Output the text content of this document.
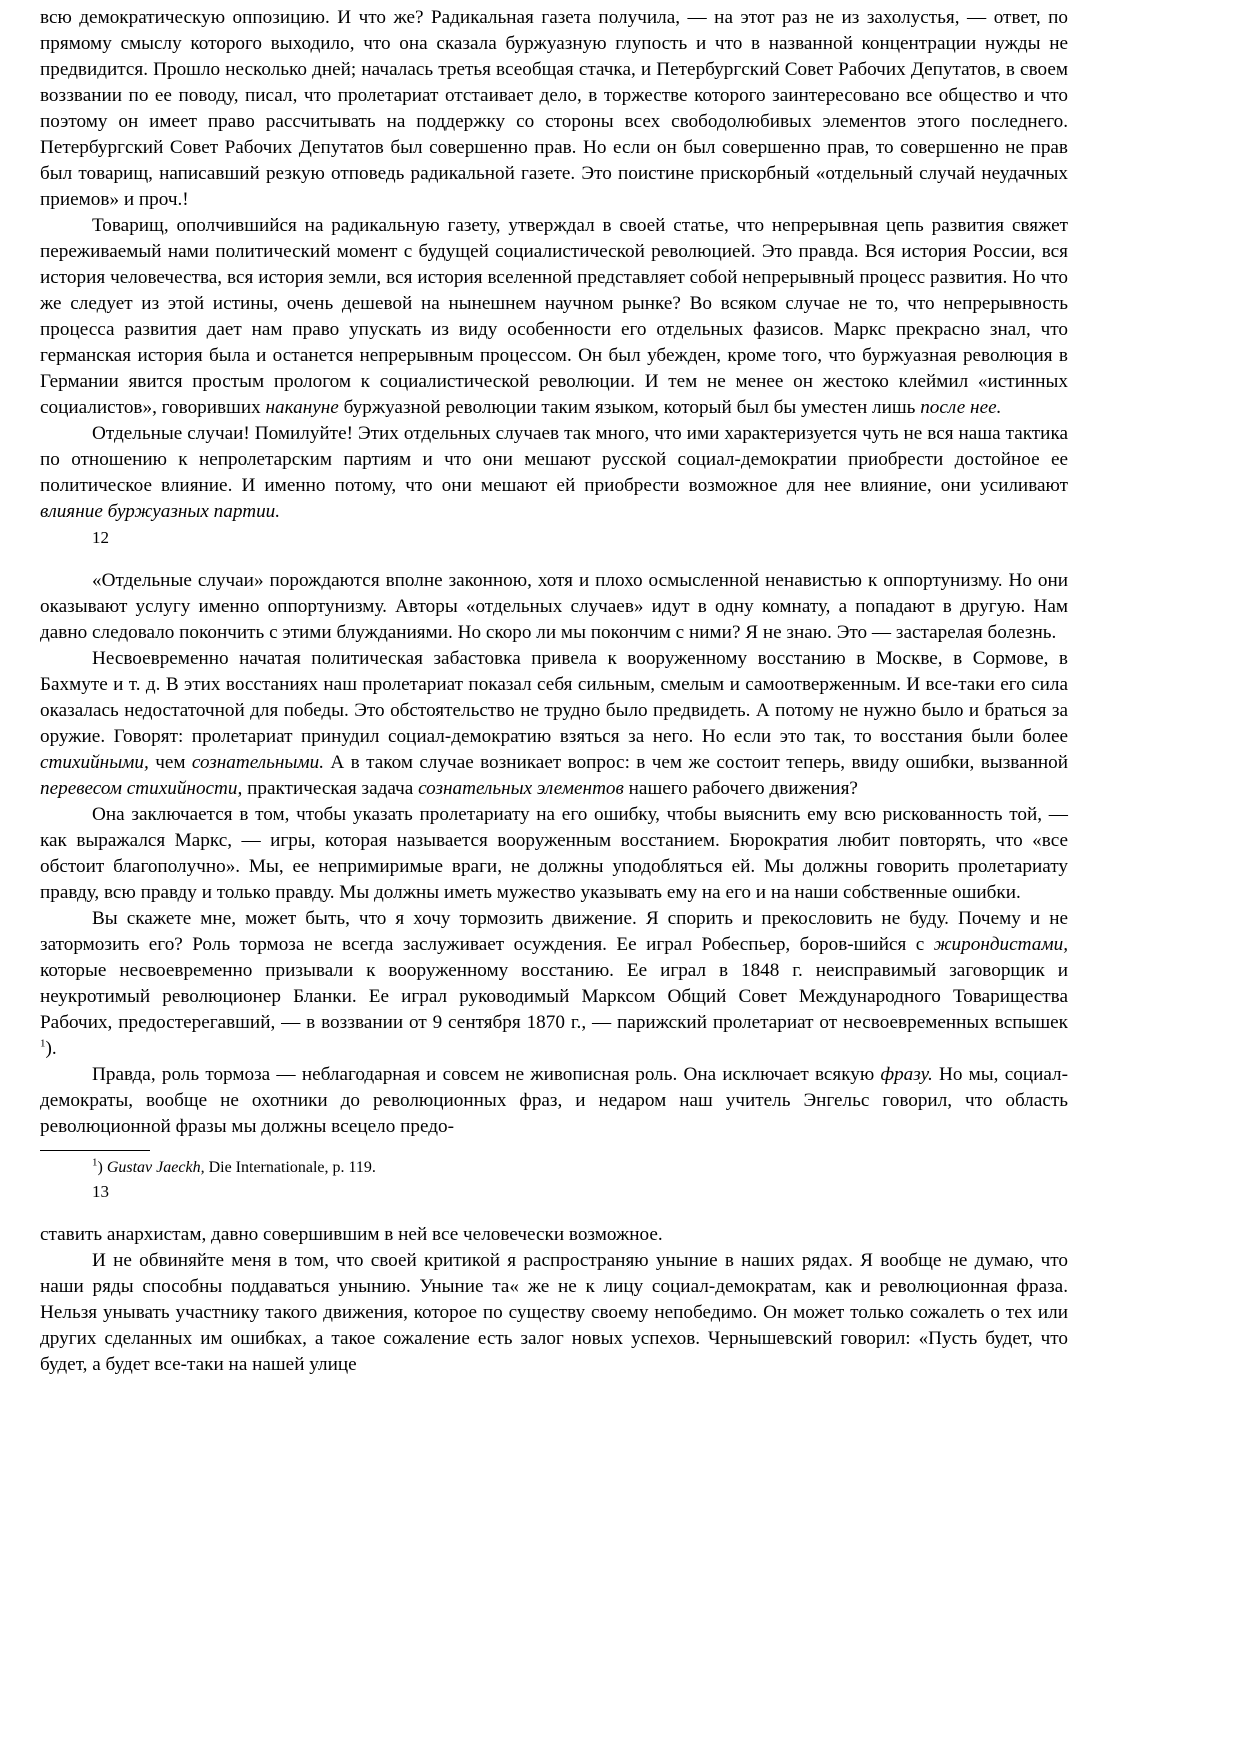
всю демократическую оппозицию. И что же? Радикальная газета получила, — на этот раз не из захолустья, — ответ, по прямому смыслу которого выходило, что она сказала буржуазную глупость и что в названной концентрации нужды не предвидится. Прошло несколько дней; началась третья всеобщая стачка, и Петербургский Совет Рабочих Депутатов, в своем воззвании по ее поводу, писал, что пролетариат отстаивает дело, в торжестве которого заинтересовано все общество и что поэтому он имеет право рассчитывать на поддержку со стороны всех свободолюбивых элементов этого последнего. Петербургский Совет Рабочих Депутатов был совершенно прав. Но если он был совершенно прав, то совершенно не прав был товарищ, написавший резкую отповедь радикальной газете. Это поистине прискорбный «отдельный случай неудачных приемов» и проч.!

Товарищ, ополчившийся на радикальную газету, утверждал в своей статье, что непрерывная цепь развития свяжет переживаемый нами политический момент с будущей социалистической революцией. Это правда. Вся история России, вся история человечества, вся история земли, вся история вселенной представляет собой непрерывный процесс развития. Но что же следует из этой истины, очень дешевой на нынешнем научном рынке? Во всяком случае не то, что непрерывность процесса развития дает нам право упускать из виду особенности его отдельных фазисов. Маркс прекрасно знал, что германская история была и останется непрерывным процессом. Он был убежден, кроме того, что буржуазная революция в Германии явится простым прологом к социалистической революции. И тем не менее он жестоко клеймил «истинных социалистов», говоривших накануне буржуазной революции таким языком, который был бы уместен лишь после нее.

Отдельные случаи! Помилуйте! Этих отдельных случаев так много, что ими характеризуется чуть не вся наша тактика по отношению к непролетарским партиям и что они мешают русской социал-демократии приобрести достойное ее политическое влияние. И именно потому, что они мешают ей приобрести возможное для нее влияние, они усиливают влияние буржуазных партии.

12

«Отдельные случаи» порождаются вполне законною, хотя и плохо осмысленной ненавистью к оппортунизму. Но они оказывают услугу именно оппортунизму. Авторы «отдельных случаев» идут в одну комнату, а попадают в другую. Нам давно следовало покончить с этими блужданиями. Но скоро ли мы покончим с ними? Я не знаю. Это — застарелая болезнь.

Несвоевременно начатая политическая забастовка привела к вооруженному восстанию в Москве, в Сормове, в Бахмуте и т. д. В этих восстаниях наш пролетариат показал себя сильным, смелым и самоотверженным. И все-таки его сила оказалась недостаточной для победы. Это обстоятельство не трудно было предвидеть. А потому не нужно было и браться за оружие. Говорят: пролетариат принудил социал-демократию взяться за него. Но если это так, то восстания были более стихийными, чем сознательными. А в таком случае возникает вопрос: в чем же состоит теперь, ввиду ошибки, вызванной перевесом стихийности, практическая задача сознательных элементов нашего рабочего движения?

Она заключается в том, чтобы указать пролетариату на его ошибку, чтобы выяснить ему всю рискованность той, — как выражался Маркс, — игры, которая называется вооруженным восстанием. Бюрократия любит повторять, что «все обстоит благополучно». Мы, ее непримиримые враги, не должны уподобляться ей. Мы должны говорить пролетариату правду, всю правду и только правду. Мы должны иметь мужество указывать ему на его и на наши собственные ошибки.

Вы скажете мне, может быть, что я хочу тормозить движение. Я спорить и прекословить не буду. Почему и не затормозить его? Роль тормоза не всегда заслуживает осуждения. Ее играл Робеспьер, боров-шийся с жирондистами, которые несвоевременно призывали к вооруженному восстанию. Ее играл в 1848 г. неисправимый заговорщик и неукротимый революционер Бланки. Ее играл руководимый Марксом Общий Совет Международного Товарищества Рабочих, предостерегавший, — в воззвании от 9 сентября 1870 г., — парижский пролетариат от несвоевременных вспышек $^1$).

Правда, роль тормоза — неблагодарная и совсем не живописная роль. Она исключает всякую фразу. Но мы, социал-демократы, вообще не охотники до революционных фраз, и недаром наш учитель Энгельс говорил, что область революционной фразы мы должны всецело предо-

$^1$) Gustav Jaeckh, Die Internationale, p. 119.
13

ставить анархистам, давно совершившим в ней все человечески возможное.

И не обвиняйте меня в том, что своей критикой я распространяю уныние в наших рядах. Я вообще не думаю, что наши ряды способны поддаваться унынию. Уныние та« же не к лицу социал-демократам, как и революционная фраза. Нельзя унывать участнику такого движения, которое по существу своему непобедимо. Он может только сожалеть о тех или других сделанных им ошибках, а такое сожаление есть залог новых успехов. Чернышевский говорил: «Пусть будет, что будет, а будет все-таки на нашей улице
